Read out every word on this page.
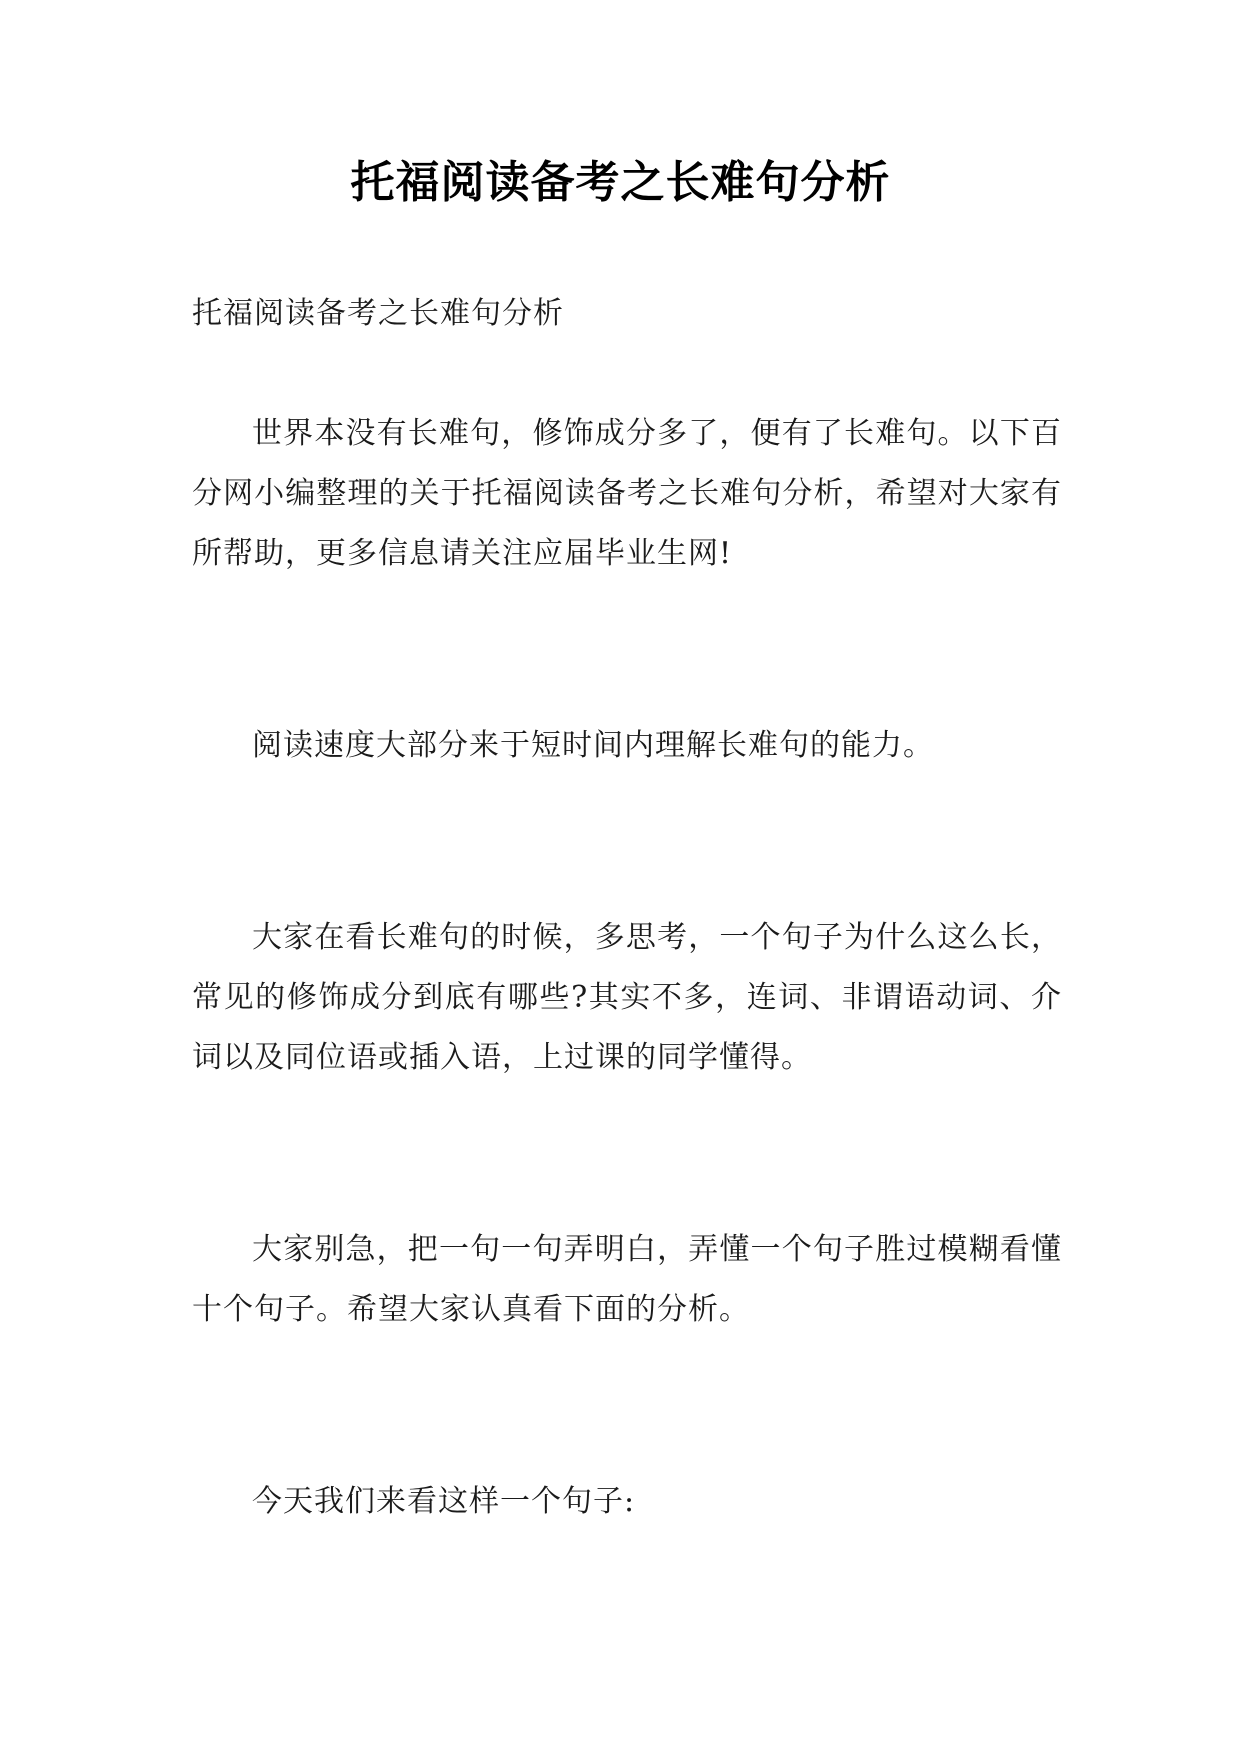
托福阅读备考之长难句分析

托福阅读备考之长难句分析

世界本没有长难句，修饰成分多了，便有了长难句。以下百分网小编整理的关于托福阅读备考之长难句分析，希望对大家有所帮助，更多信息请关注应届毕业生网!

阅读速度大部分来于短时间内理解长难句的能力。

大家在看长难句的时候，多思考，一个句子为什么这么长，常见的修饰成分到底有哪些?其实不多，连词、非谓语动词、介词以及同位语或插入语，上过课的同学懂得。

大家别急，把一句一句弄明白，弄懂一个句子胜过模糊看懂十个句子。希望大家认真看下面的分析。

今天我们来看这样一个句子:
